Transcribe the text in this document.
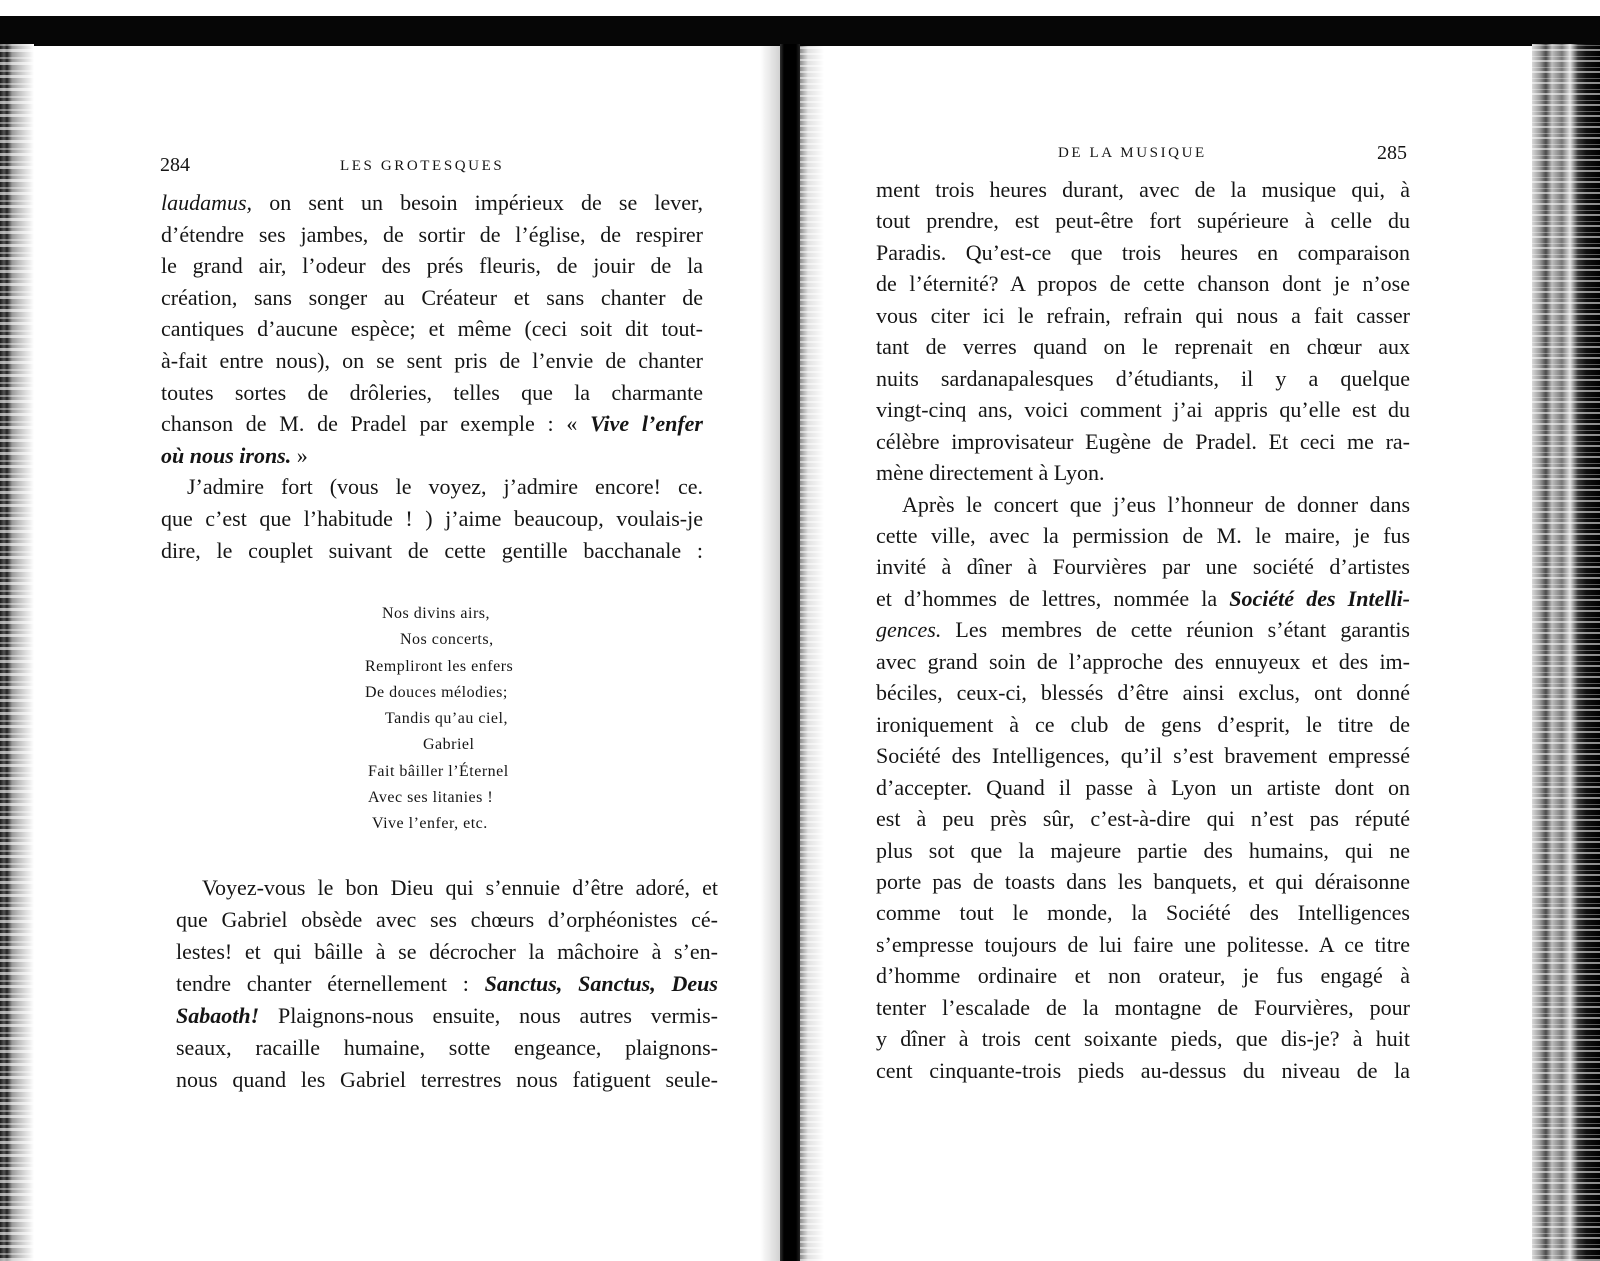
284	LES GROTESQUES
laudamus, on sent un besoin impérieux de se lever,
d’étendre ses jambes, de sortir de l’église, de respirer
le grand air, l’odeur des prés fleuris, de jouir de la
création, sans songer au Créateur et sans chanter de
cantiques d’aucune espèce; et même (ceci soit dit tout-
à-fait entre nous), on se sent pris de l’envie de chanter
toutes sortes de drôleries, telles que la charmante
chanson de M. de Pradel par exemple : « Vive l’enfer
où nous irons. »
J’admire fort (vous le voyez, j’admire encore! ce.
que c’est que l’habitude ! ) j’aime beaucoup, voulais-je
dire, le couplet suivant de cette gentille bacchanale :
Nos divins airs,
Nos concerts,
Rempliront les enfers
De douces mélodies;
Tandis qu’au ciel,
Gabriel
Fait bâiller l’Éternel
Avec ses litanies !
Vive l’enfer, etc.
Voyez-vous le bon Dieu qui s’ennuie d’être adoré, et
que Gabriel obsède avec ses chœurs d’orphéonistes cé-
lestes! et qui bâille à se décrocher la mâchoire à s’en-
tendre chanter éternellement : Sanctus, Sanctus, Deus
Sabaoth! Plaignons-nous ensuite, nous autres vermis-
seaux, racaille humaine, sotte engeance, plaignons-
nous quand les Gabriel terrestres nous fatiguent seule-
DE LA MUSIQUE	285
ment trois heures durant, avec de la musique qui, à
tout prendre, est peut-être fort supérieure à celle du
Paradis. Qu’est-ce que trois heures en comparaison
de l’éternité? A propos de cette chanson dont je n’ose
vous citer ici le refrain, refrain qui nous a fait casser
tant de verres quand on le reprenait en chœur aux
nuits sardanapalesques d’étudiants, il y a quelque
vingt-cinq ans, voici comment j’ai appris qu’elle est du
célèbre improvisateur Eugène de Pradel. Et ceci me ra-
mène directement à Lyon.
Après le concert que j’eus l’honneur de donner dans
cette ville, avec la permission de M. le maire, je fus
invité à dîner à Fourvières par une société d’artistes
et d’hommes de lettres, nommée la Société des Intelli-
gences. Les membres de cette réunion s’étant garantis
avec grand soin de l’approche des ennuyeux et des im-
béciles, ceux-ci, blessés d’être ainsi exclus, ont donné
ironiquement à ce club de gens d’esprit, le titre de
Société des Intelligences, qu’il s’est bravement empressé
d’accepter. Quand il passe à Lyon un artiste dont on
est à peu près sûr, c’est-à-dire qui n’est pas réputé
plus sot que la majeure partie des humains, qui ne
porte pas de toasts dans les banquets, et qui déraisonne
comme tout le monde, la Société des Intelligences
s’empresse toujours de lui faire une politesse. A ce titre
d’homme ordinaire et non orateur, je fus engagé à
tenter l’escalade de la montagne de Fourvières, pour
y dîner à trois cent soixante pieds, que dis-je? à huit
cent cinquante-trois pieds au-dessus du niveau de la
